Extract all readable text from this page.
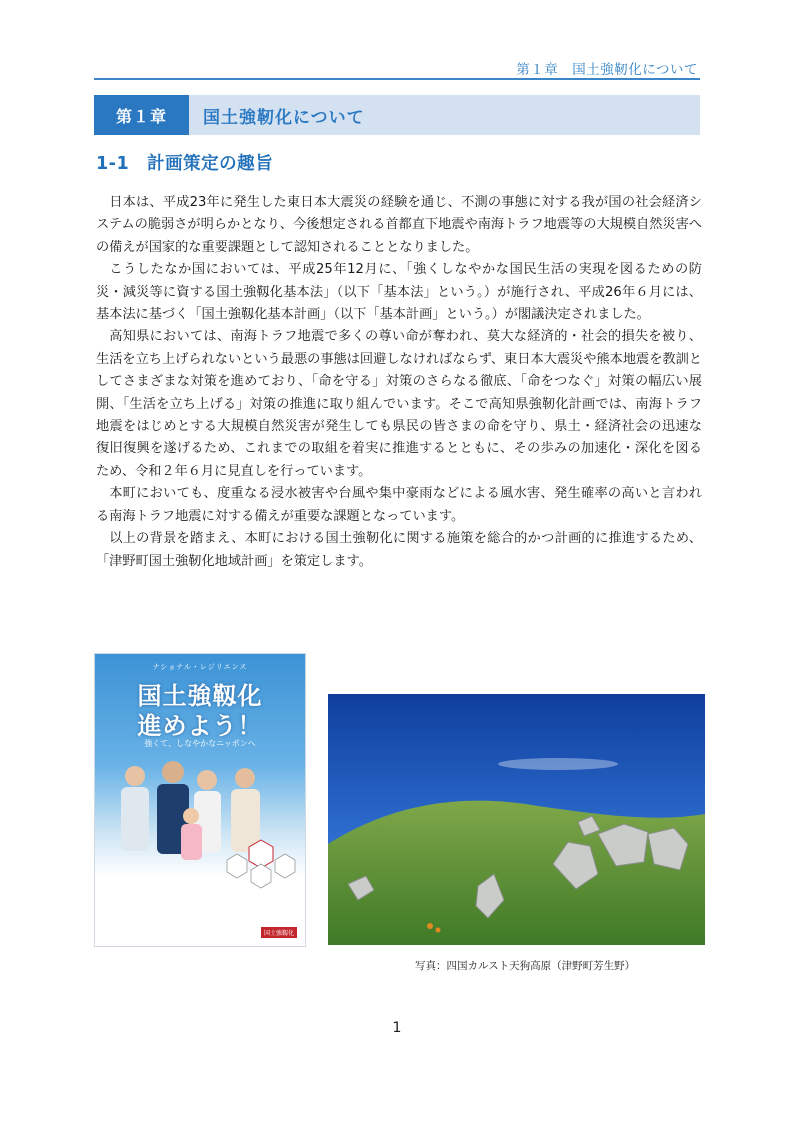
第１章　国土強靭化について
第１章	国土強靭化について
1-1　計画策定の趣旨

日本は、平成23年に発生した東日本大震災の経験を通じ、不測の事態に対する我が国の社会経済システムの脆弱さが明らかとなり、今後想定される首都直下地震や南海トラフ地震等の大規模自然災害への備えが国家的な重要課題として認知されることとなりました。

こうしたなか国においては、平成25年12月に、「強くしなやかな国民生活の実現を図るための防災・減災等に資する国土強靱化基本法」（以下「基本法」という。）が施行され、平成26年６月には、基本法に基づく「国土強靱化基本計画」（以下「基本計画」という。）が閣議決定されました。

高知県においては、南海トラフ地震で多くの尊い命が奪われ、莫大な経済的・社会的損失を被り、生活を立ち上げられないという最悪の事態は回避しなければならず、東日本大震災や熊本地震を教訓としてさまざまな対策を進めており、「命を守る」対策のさらなる徹底、「命をつなぐ」対策の幅広い展開、「生活を立ち上げる」対策の推進に取り組んでいます。そこで高知県強靭化計画では、南海トラフ地震をはじめとする大規模自然災害が発生しても県民の皆さまの命を守り、県土・経済社会の迅速な復旧復興を遂げるため、これまでの取組を着実に推進するとともに、その歩みの加速化・深化を図るため、令和２年６月に見直しを行っています。

本町においても、度重なる浸水被害や台風や集中豪雨などによる風水害、発生確率の高いと言われる南海トラフ地震に対する備えが重要な課題となっています。

以上の背景を踏まえ、本町における国土強靭化に関する施策を総合的かつ計画的に推進するため、「津野町国土強靭化地域計画」を策定します。

ナショナル・レジリエンス
国土強靱化
進めよう！
強くて、しなやかなニッポンへ
国土強靱化
写真：四国カルスト天狗高原（津野町芳生野）
1
